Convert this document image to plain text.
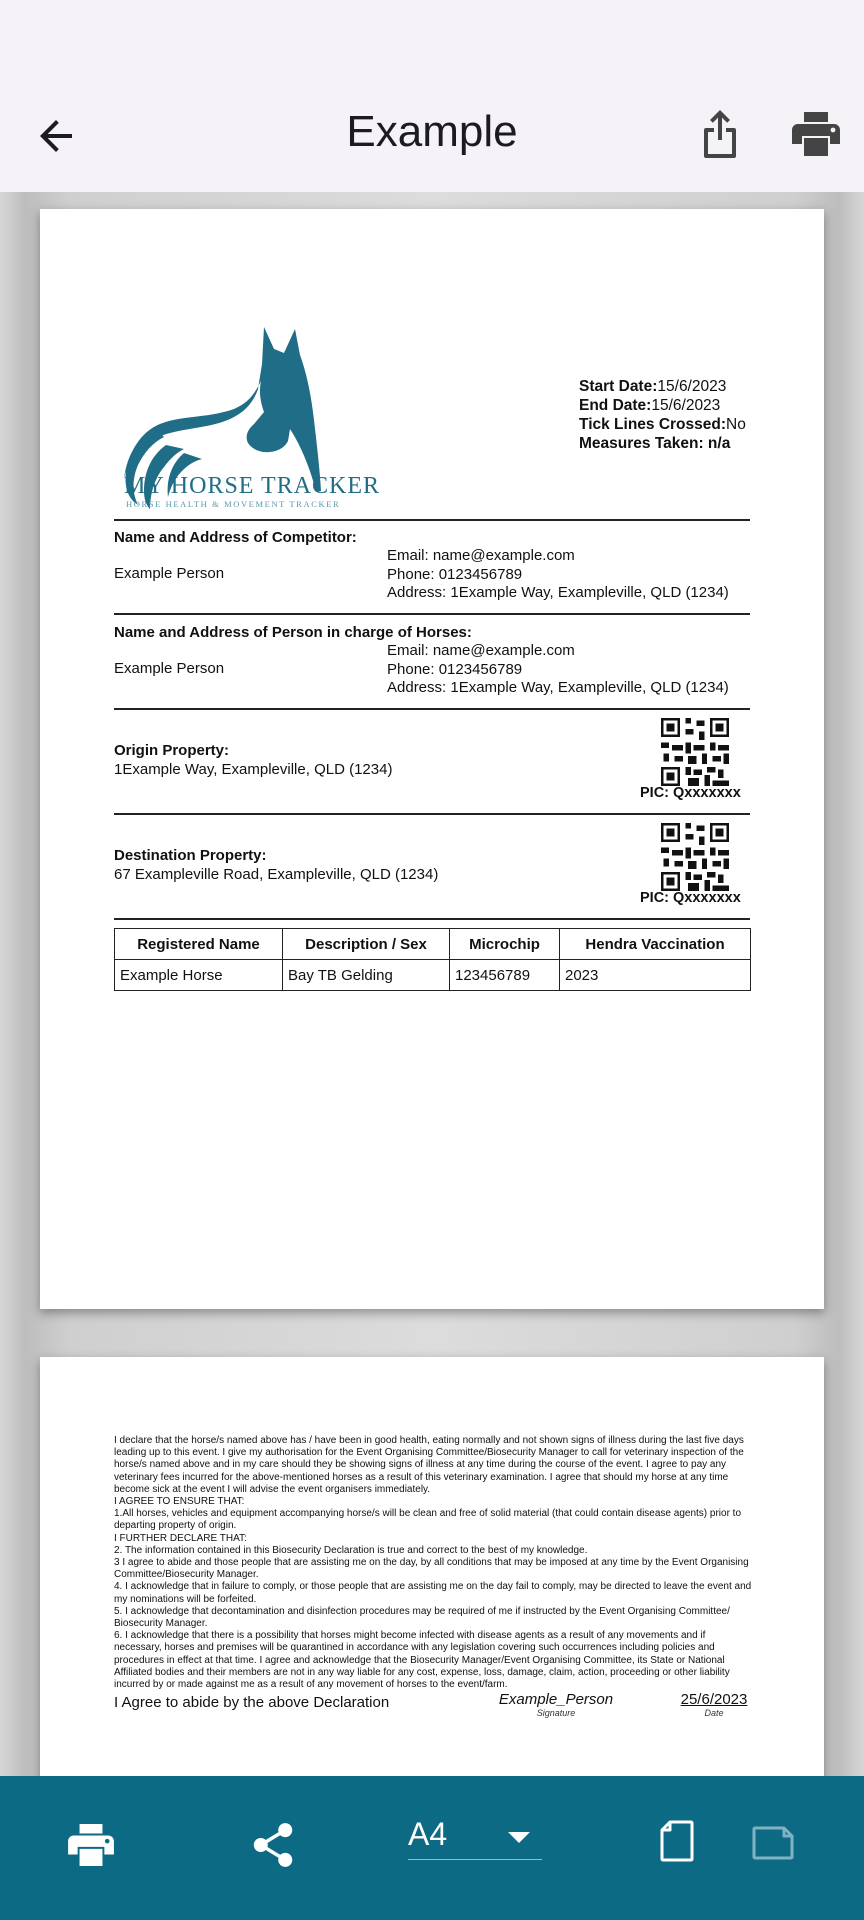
Example
MY HORSE TRACKER
HORSE HEALTH & MOVEMENT TRACKER
Start Date:15/6/2023
End Date:15/6/2023
Tick Lines Crossed:No
Measures Taken: n/a
Name and Address of Competitor:
Example Person
Email: name@example.com
Phone: 0123456789
Address: 1Example Way, Exampleville, QLD (1234)
Name and Address of Person in charge of Horses:
Example Person
Email: name@example.com
Phone: 0123456789
Address: 1Example Way, Exampleville, QLD (1234)
Origin Property:
1Example Way, Exampleville, QLD (1234)
PIC: Qxxxxxxx
Destination Property:
67 Exampleville Road, Exampleville, QLD (1234)
PIC: Qxxxxxxx
Registered Name	Description / Sex	Microchip	Hendra Vaccination
Example Horse	Bay TB Gelding	123456789	2023
I declare that the horse/s named above has / have been in good health, eating normally and not shown signs of illness during the last five days leading up to this event. I give my authorisation for the Event Organising Committee/Biosecurity Manager to call for veterinary inspection of the horse/s named above and in my care should they be showing signs of illness at any time during the course of the event. I agree to pay any veterinary fees incurred for the above-mentioned horses as a result of this veterinary examination. I agree that should my horse at any time become sick at the event I will advise the event organisers immediately.
I AGREE TO ENSURE THAT:
1.All horses, vehicles and equipment accompanying horse/s will be clean and free of solid material (that could contain disease agents) prior to departing property of origin.
I FURTHER DECLARE THAT:
2. The information contained in this Biosecurity Declaration is true and correct to the best of my knowledge.
3 I agree to abide and those people that are assisting me on the day, by all conditions that may be imposed at any time by the Event Organising Committee/Biosecurity Manager.
4. I acknowledge that in failure to comply, or those people that are assisting me on the day fail to comply, may be directed to leave the event and my nominations will be forfeited.
5. I acknowledge that decontamination and disinfection procedures may be required of me if instructed by the Event Organising Committee/ Biosecurity Manager.
6. I acknowledge that there is a possibility that horses might become infected with disease agents as a result of any movements and if necessary, horses and premises will be quarantined in accordance with any legislation covering such occurrences including policies and procedures in effect at that time. I agree and acknowledge that the Biosecurity Manager/Event Organising Committee, its State or National Affiliated bodies and their members are not in any way liable for any cost, expense, loss, damage, claim, action, proceeding or other liability incurred by or made against me as a result of any movement of horses to the event/farm.
I Agree to abide by the above Declaration	Example_Person
Signature
25/6/2023
Date
A4
